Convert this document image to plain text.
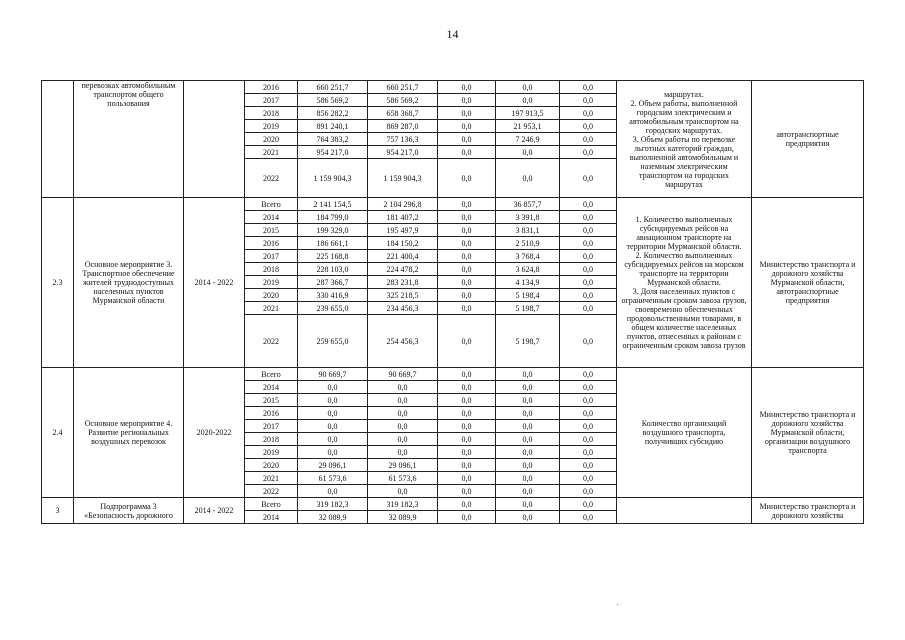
14
	перевозках автомобильным транспортом общего пользования		2016	660 251,7	660 251,7	0,0	0,0	0,0	маршрутах.
2. Объем работы, выполненной городским электрическим и автомобильным транспортом на городских маршрутах.
3. Объем работы по перевозке льготных категорий граждан, выполненной автомобильным и наземным электрическим транспортом на городских маршрутах	автотранспортные предприятия
			2017	586 569,2	586 569,2	0,0	0,0	0,0		
			2018	856 282,2	658 368,7	0,0	197 913,5	0,0		
			2019	891 240,1	869 287,0	0,0	21 953,1	0,0		
			2020	764 383,2	757 136,3	0,0	7 246,9	0,0		
			2021	954 217,0	954 217,0	0,0	0,0	0,0		
			2022	1 159 904,3	1 159 904,3	0,0	0,0	0,0		
2.3	Основное мероприятие 3. Транспортное обеспечение жителей труднодоступных населенных пунктов Мурманской области	2014 - 2022	Всего	2 141 154,5	2 104 296,8	0,0	36 857,7	0,0	1. Количество выполненных субсидируемых рейсов на авиационном транспорте на территории Мурманской области.
2. Количество выполненных субсидируемых рейсов на морском транспорте на территории Мурманской области.
3. Доля населенных пунктов с ограниченным сроком завоза грузов, своевременно обеспеченных продовольственными товарами, в общем количестве населенных пунктов, отнесенных к районам с ограниченным сроком завоза грузов	Министерство транспорта и дорожного хозяйства Мурманской области, автотранспортные предприятия
			2014	184 799,0	181 407,2	0,0	3 391,8	0,0		
			2015	199 329,0	195 497,9	0,0	3 831,1	0,0		
			2016	186 661,1	184 150,2	0,0	2 510,9	0,0		
			2017	225 168,8	221 400,4	0,0	3 768,4	0,0		
			2018	228 103,0	224 478,2	0,0	3 624,8	0,0		
			2019	287 366,7	283 231,8	0,0	4 134,9	0,0		
			2020	330 416,9	325 218,5	0,0	5 198,4	0,0		
			2021	239 655,0	234 456,3	0,0	5 198,7	0,0		
			2022	259 655,0	254 456,3	0,0	5 198,7	0,0		
2.4	Основное мероприятие 4. Развитие региональных воздушных перевозок	2020-2022	Всего	90 669,7	90 669,7	0,0	0,0	0,0	Количество организаций воздушного транспорта, получивших субсидию	Министерство транспорта и дорожного хозяйства Мурманской области, организации воздушного транспорта
			2014	0,0	0,0	0,0	0,0	0,0		
			2015	0,0	0,0	0,0	0,0	0,0		
			2016	0,0	0,0	0,0	0,0	0,0		
			2017	0,0	0,0	0,0	0,0	0,0		
			2018	0,0	0,0	0,0	0,0	0,0		
			2019	0,0	0,0	0,0	0,0	0,0		
			2020	29 096,1	29 096,1	0,0	0,0	0,0		
			2021	61 573,6	61 573,6	0,0	0,0	0,0		
			2022	0,0	0,0	0,0	0,0	0,0		
3	Подпрограмма 3 «Безопасность дорожного	2014 - 2022	Всего	319 182,3	319 182,3	0,0	0,0	0,0		Министерство транспорта и дорожного хозяйства
			2014	32 089,9	32 089,9	0,0	0,0	0,0		
